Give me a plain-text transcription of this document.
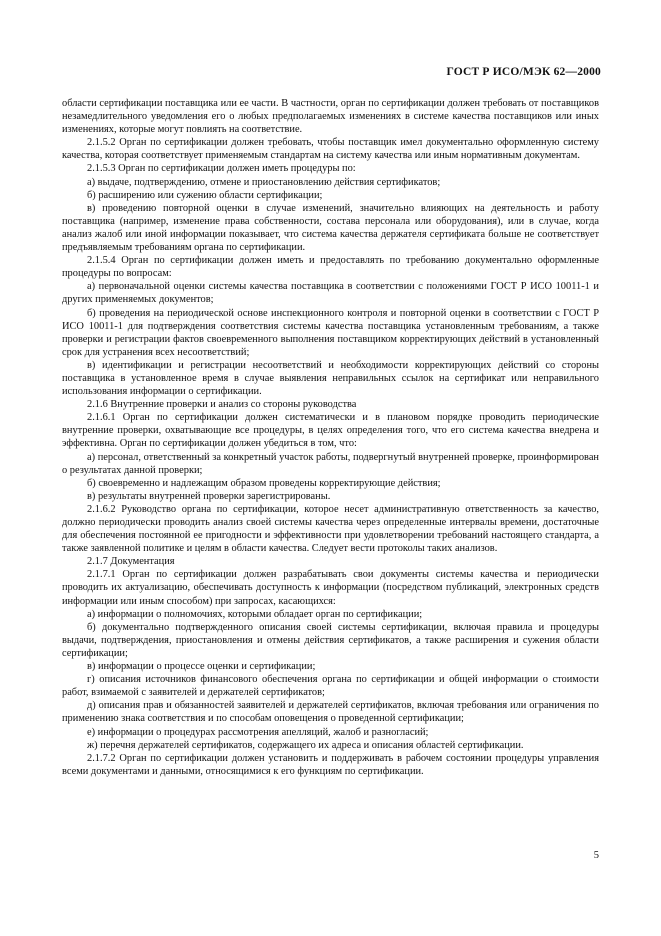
ГОСТ Р ИСО/МЭК 62—2000

области сертификации поставщика или ее части. В частности, орган по сертификации должен требовать от поставщиков незамедлительного уведомления его о любых предполагаемых изменениях в системе качества поставщиков или иных изменениях, которые могут повлиять на соответствие.

2.1.5.2 Орган по сертификации должен требовать, чтобы поставщик имел документально оформленную систему качества, которая соответствует применяемым стандартам на систему качества или иным нормативным документам.

2.1.5.3 Орган по сертификации должен иметь процедуры по:

а) выдаче, подтверждению, отмене и приостановлению действия сертификатов;

б) расширению или сужению области сертификации;

в) проведению повторной оценки в случае изменений, значительно влияющих на деятельность и работу поставщика (например, изменение права собственности, состава персонала или оборудования), или в случае, когда анализ жалоб или иной информации показывает, что система качества держателя сертификата больше не соответствует предъявляемым требованиям органа по сертификации.

2.1.5.4 Орган по сертификации должен иметь и предоставлять по требованию документально оформленные процедуры по вопросам:

а) первоначальной оценки системы качества поставщика в соответствии с положениями ГОСТ Р ИСО 10011-1 и других применяемых документов;

б) проведения на периодической основе инспекционного контроля и повторной оценки в соответствии с ГОСТ Р ИСО 10011-1 для подтверждения соответствия системы качества поставщика установленным требованиям, а также проверки и регистрации фактов своевременного выполнения поставщиком корректирующих действий в установленный срок для устранения всех несоответствий;

в) идентификации и регистрации несоответствий и необходимости корректирующих действий со стороны поставщика в установленное время в случае выявления неправильных ссылок на сертификат или неправильного использования информации о сертификации.

2.1.6 Внутренние проверки и анализ со стороны руководства

2.1.6.1 Орган по сертификации должен систематически и в плановом порядке проводить периодические внутренние проверки, охватывающие все процедуры, в целях определения того, что его система качества внедрена и эффективна. Орган по сертификации должен убедиться в том, что:

а) персонал, ответственный за конкретный участок работы, подвергнутый внутренней проверке, проинформирован о результатах данной проверки;

б) своевременно и надлежащим образом проведены корректирующие действия;

в) результаты внутренней проверки зарегистрированы.

2.1.6.2 Руководство органа по сертификации, которое несет административную ответственность за качество, должно периодически проводить анализ своей системы качества через определенные интервалы времени, достаточные для обеспечения постоянной ее пригодности и эффективности при удовлетворении требований настоящего стандарта, а также заявленной политике и целям в области качества. Следует вести протоколы таких анализов.

2.1.7 Документация

2.1.7.1 Орган по сертификации должен разрабатывать свои документы системы качества и периодически проводить их актуализацию, обеспечивать доступность к информации (посредством публикаций, электронных средств информации или иным способом) при запросах, касающихся:

а) информации о полномочиях, которыми обладает орган по сертификации;

б) документально подтвержденного описания своей системы сертификации, включая правила и процедуры выдачи, подтверждения, приостановления и отмены действия сертификатов, а также расширения и сужения области сертификации;

в) информации о процессе оценки и сертификации;

г) описания источников финансового обеспечения органа по сертификации и общей информации о стоимости работ, взимаемой с заявителей и держателей сертификатов;

д) описания прав и обязанностей заявителей и держателей сертификатов, включая требования или ограничения по применению знака соответствия и по способам оповещения о проведенной сертификации;

е) информации о процедурах рассмотрения апелляций, жалоб и разногласий;

ж) перечня держателей сертификатов, содержащего их адреса и описания областей сертификации.

2.1.7.2 Орган по сертификации должен установить и поддерживать в рабочем состоянии процедуры управления всеми документами и данными, относящимися к его функциям по сертификации.

5
